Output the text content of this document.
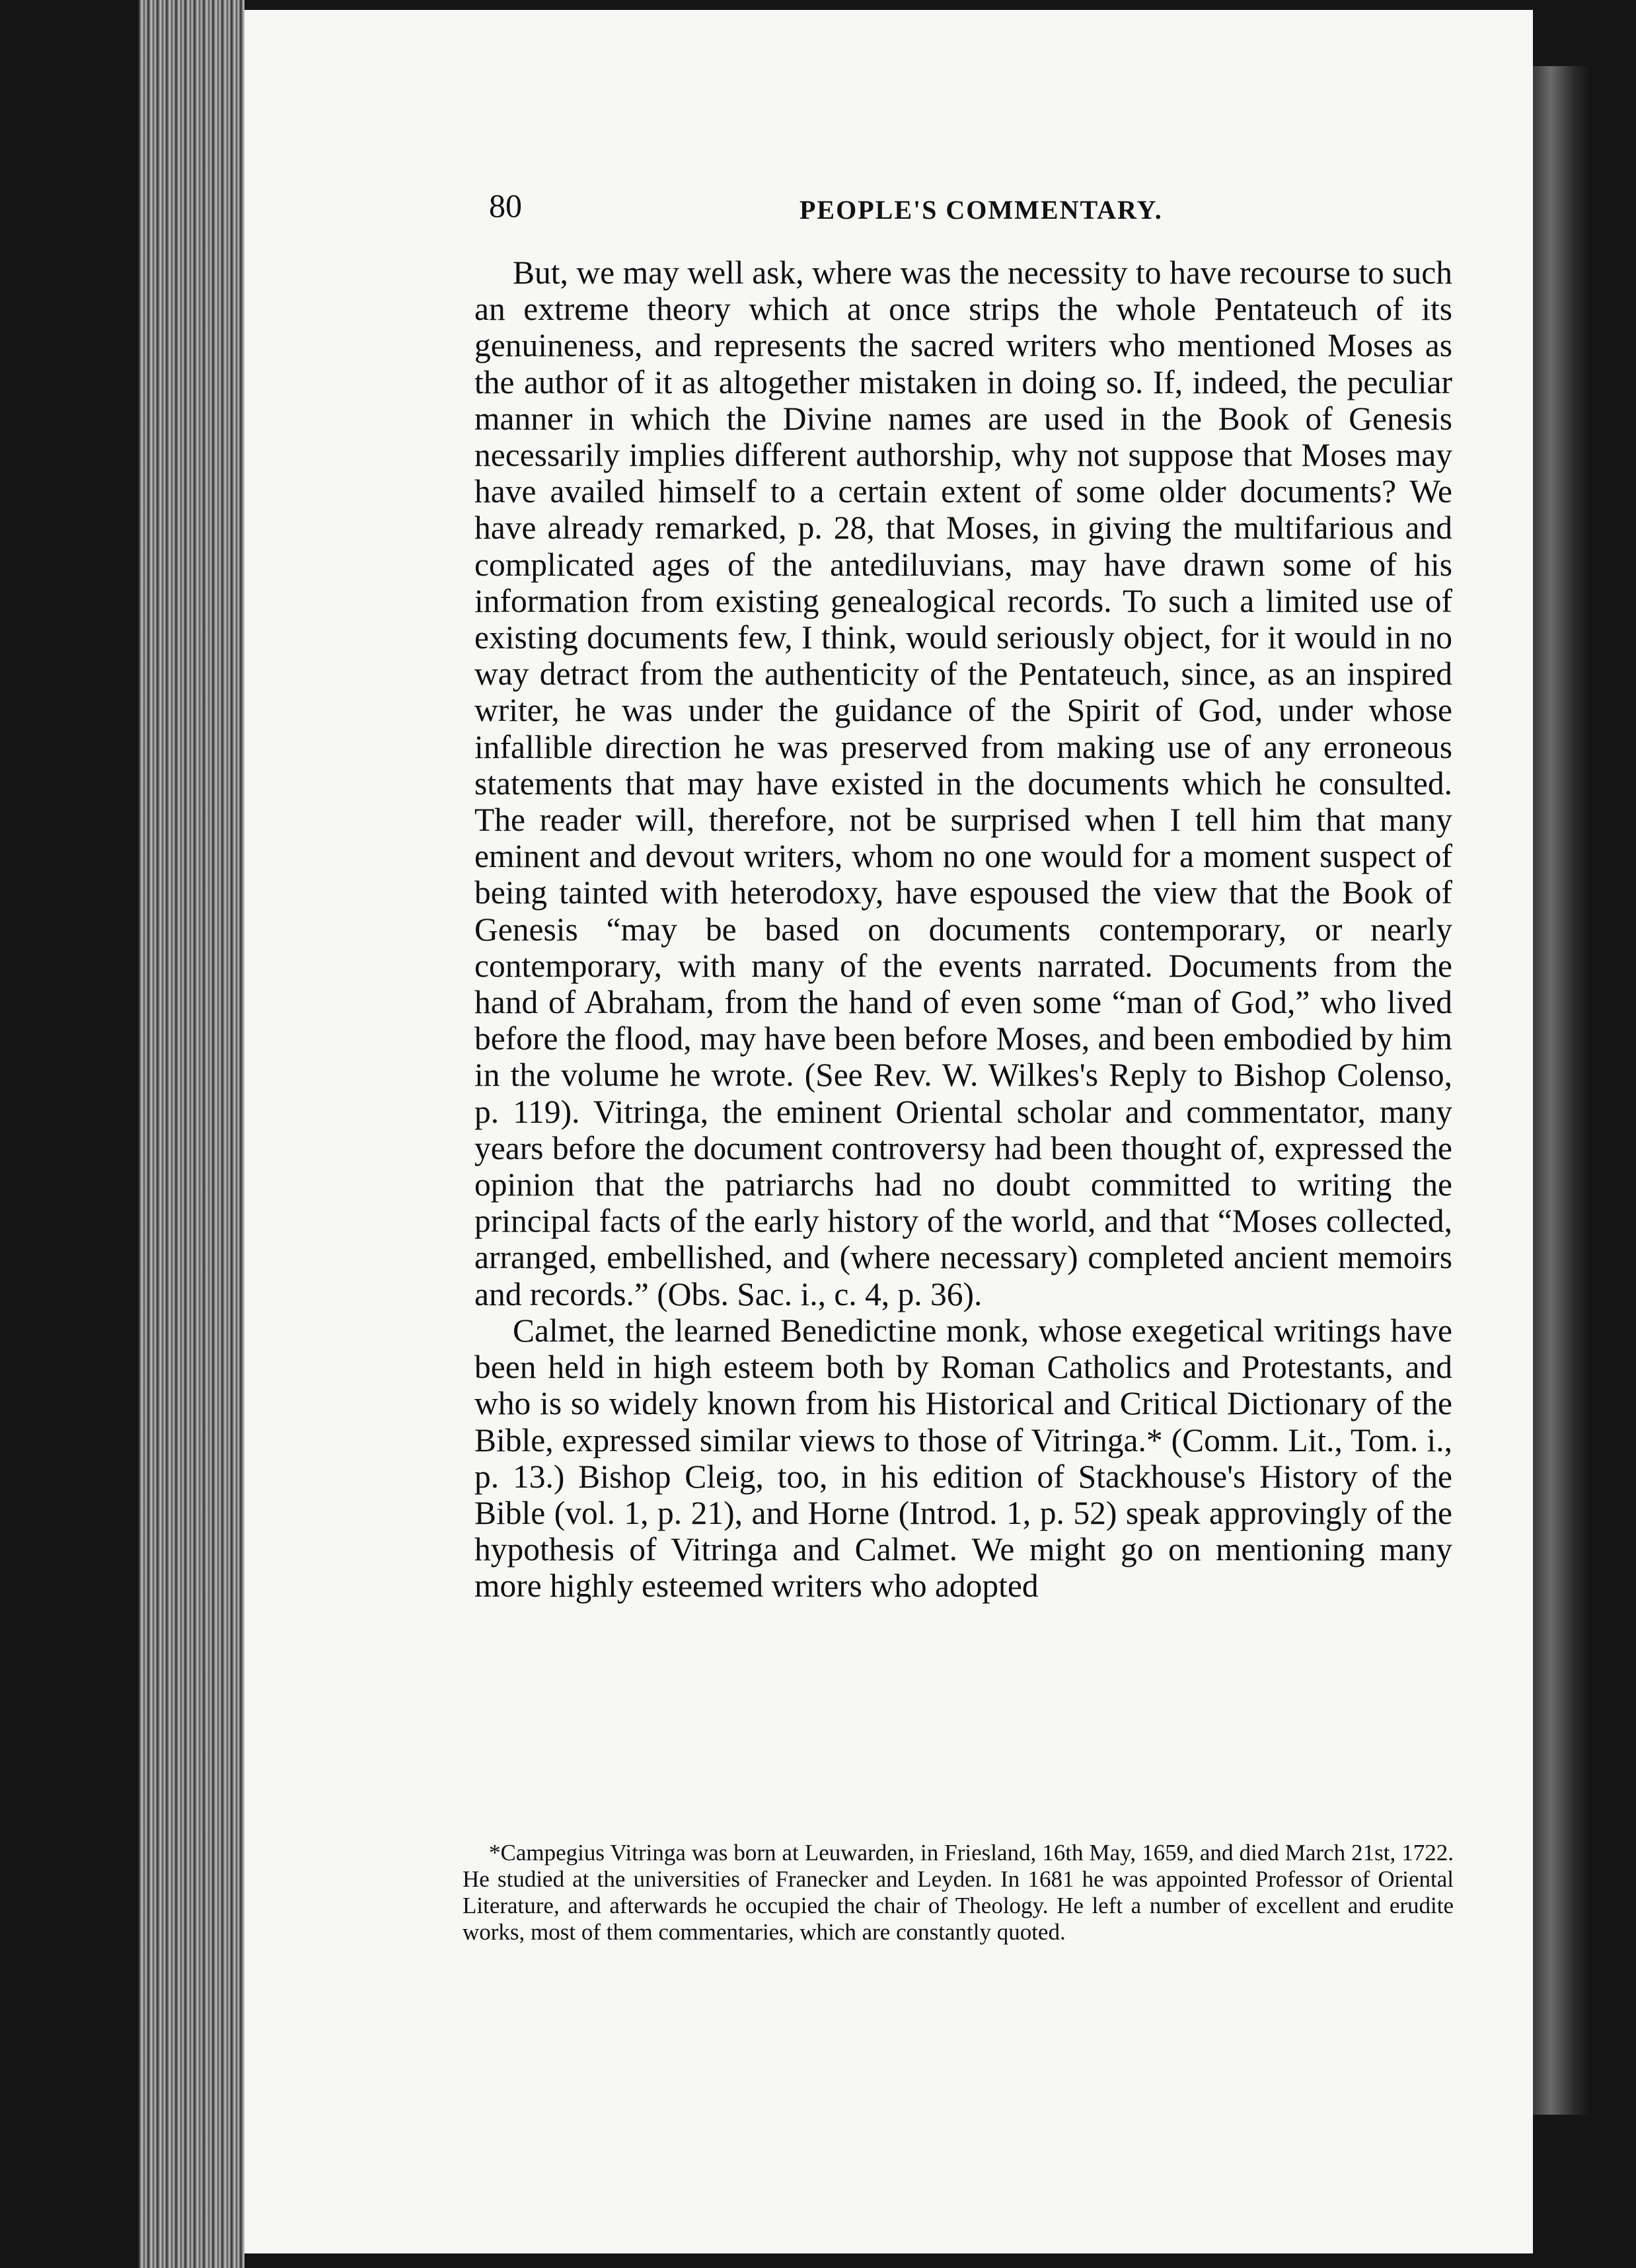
80	PEOPLE'S COMMENTARY.

But, we may well ask, where was the necessity to have recourse to such an extreme theory which at once strips the whole Pentateuch of its genuineness, and represents the sacred writers who mentioned Moses as the author of it as altogether mistaken in doing so. If, indeed, the peculiar manner in which the Divine names are used in the Book of Genesis necessarily implies different authorship, why not suppose that Moses may have availed himself to a certain extent of some older documents? We have already remarked, p. 28, that Moses, in giving the multifarious and complicated ages of the antediluvians, may have drawn some of his information from existing genealogical records. To such a limited use of existing documents few, I think, would seriously object, for it would in no way detract from the authenticity of the Pentateuch, since, as an inspired writer, he was under the guidance of the Spirit of God, under whose infallible direction he was preserved from making use of any erroneous statements that may have existed in the documents which he consulted. The reader will, therefore, not be surprised when I tell him that many eminent and devout writers, whom no one would for a moment suspect of being tainted with heterodoxy, have espoused the view that the Book of Genesis “may be based on documents contemporary, or nearly contemporary, with many of the events narrated. Documents from the hand of Abraham, from the hand of even some “man of God,” who lived before the flood, may have been before Moses, and been embodied by him in the volume he wrote. (See Rev. W. Wilkes's Reply to Bishop Colenso, p. 119). Vitringa, the eminent Oriental scholar and commentator, many years before the document controversy had been thought of, expressed the opinion that the patriarchs had no doubt committed to writing the principal facts of the early history of the world, and that “Moses collected, arranged, embellished, and (where necessary) completed ancient memoirs and records.” (Obs. Sac. i., c. 4, p. 36).

Calmet, the learned Benedictine monk, whose exegetical writings have been held in high esteem both by Roman Catholics and Protestants, and who is so widely known from his Historical and Critical Dictionary of the Bible, expressed similar views to those of Vitringa.* (Comm. Lit., Tom. i., p. 13.) Bishop Cleig, too, in his edition of Stackhouse's History of the Bible (vol. 1, p. 21), and Horne (Introd. 1, p. 52) speak approvingly of the hypothesis of Vitringa and Calmet. We might go on mentioning many more highly esteemed writers who adopted

*Campegius Vitringa was born at Leuwarden, in Friesland, 16th May, 1659, and died March 21st, 1722. He studied at the universities of Franecker and Leyden. In 1681 he was appointed Professor of Oriental Literature, and afterwards he occupied the chair of Theology. He left a number of excellent and erudite works, most of them commentaries, which are constantly quoted.
